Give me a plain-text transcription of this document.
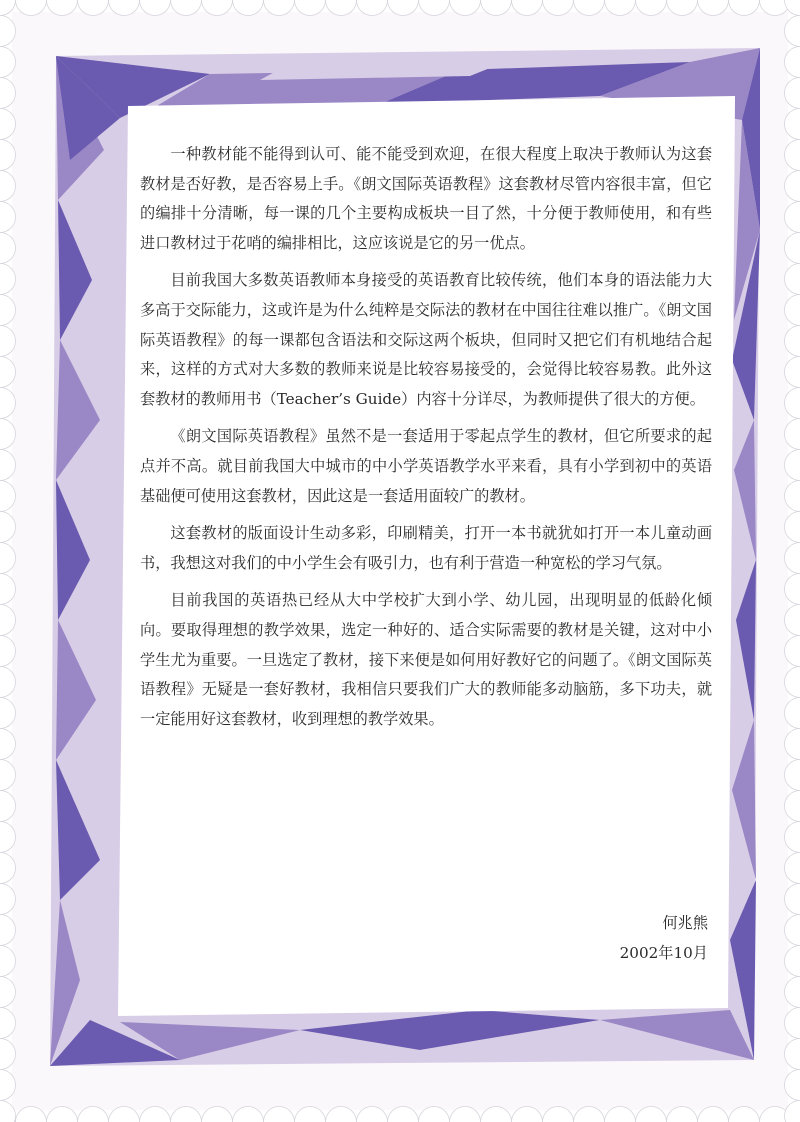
一种教材能不能得到认可、能不能受到欢迎，在很大程度上取决于教师认为这套教材是否好教，是否容易上手。《朗文国际英语教程》这套教材尽管内容很丰富，但它的编排十分清晰，每一课的几个主要构成板块一目了然，十分便于教师使用，和有些进口教材过于花哨的编排相比，这应该说是它的另一优点。

目前我国大多数英语教师本身接受的英语教育比较传统，他们本身的语法能力大多高于交际能力，这或许是为什么纯粹是交际法的教材在中国往往难以推广。《朗文国际英语教程》的每一课都包含语法和交际这两个板块，但同时又把它们有机地结合起来，这样的方式对大多数的教师来说是比较容易接受的，会觉得比较容易教。此外这套教材的教师用书（Teacher’s Guide）内容十分详尽，为教师提供了很大的方便。

《朗文国际英语教程》虽然不是一套适用于零起点学生的教材，但它所要求的起点并不高。就目前我国大中城市的中小学英语教学水平来看，具有小学到初中的英语基础便可使用这套教材，因此这是一套适用面较广的教材。

这套教材的版面设计生动多彩，印刷精美，打开一本书就犹如打开一本儿童动画书，我想这对我们的中小学生会有吸引力，也有利于营造一种宽松的学习气氛。

目前我国的英语热已经从大中学校扩大到小学、幼儿园，出现明显的低龄化倾向。要取得理想的教学效果，选定一种好的、适合实际需要的教材是关键，这对中小学生尤为重要。一旦选定了教材，接下来便是如何用好教好它的问题了。《朗文国际英语教程》无疑是一套好教材，我相信只要我们广大的教师能多动脑筋，多下功夫，就一定能用好这套教材，收到理想的教学效果。

何兆熊
2002年10月
